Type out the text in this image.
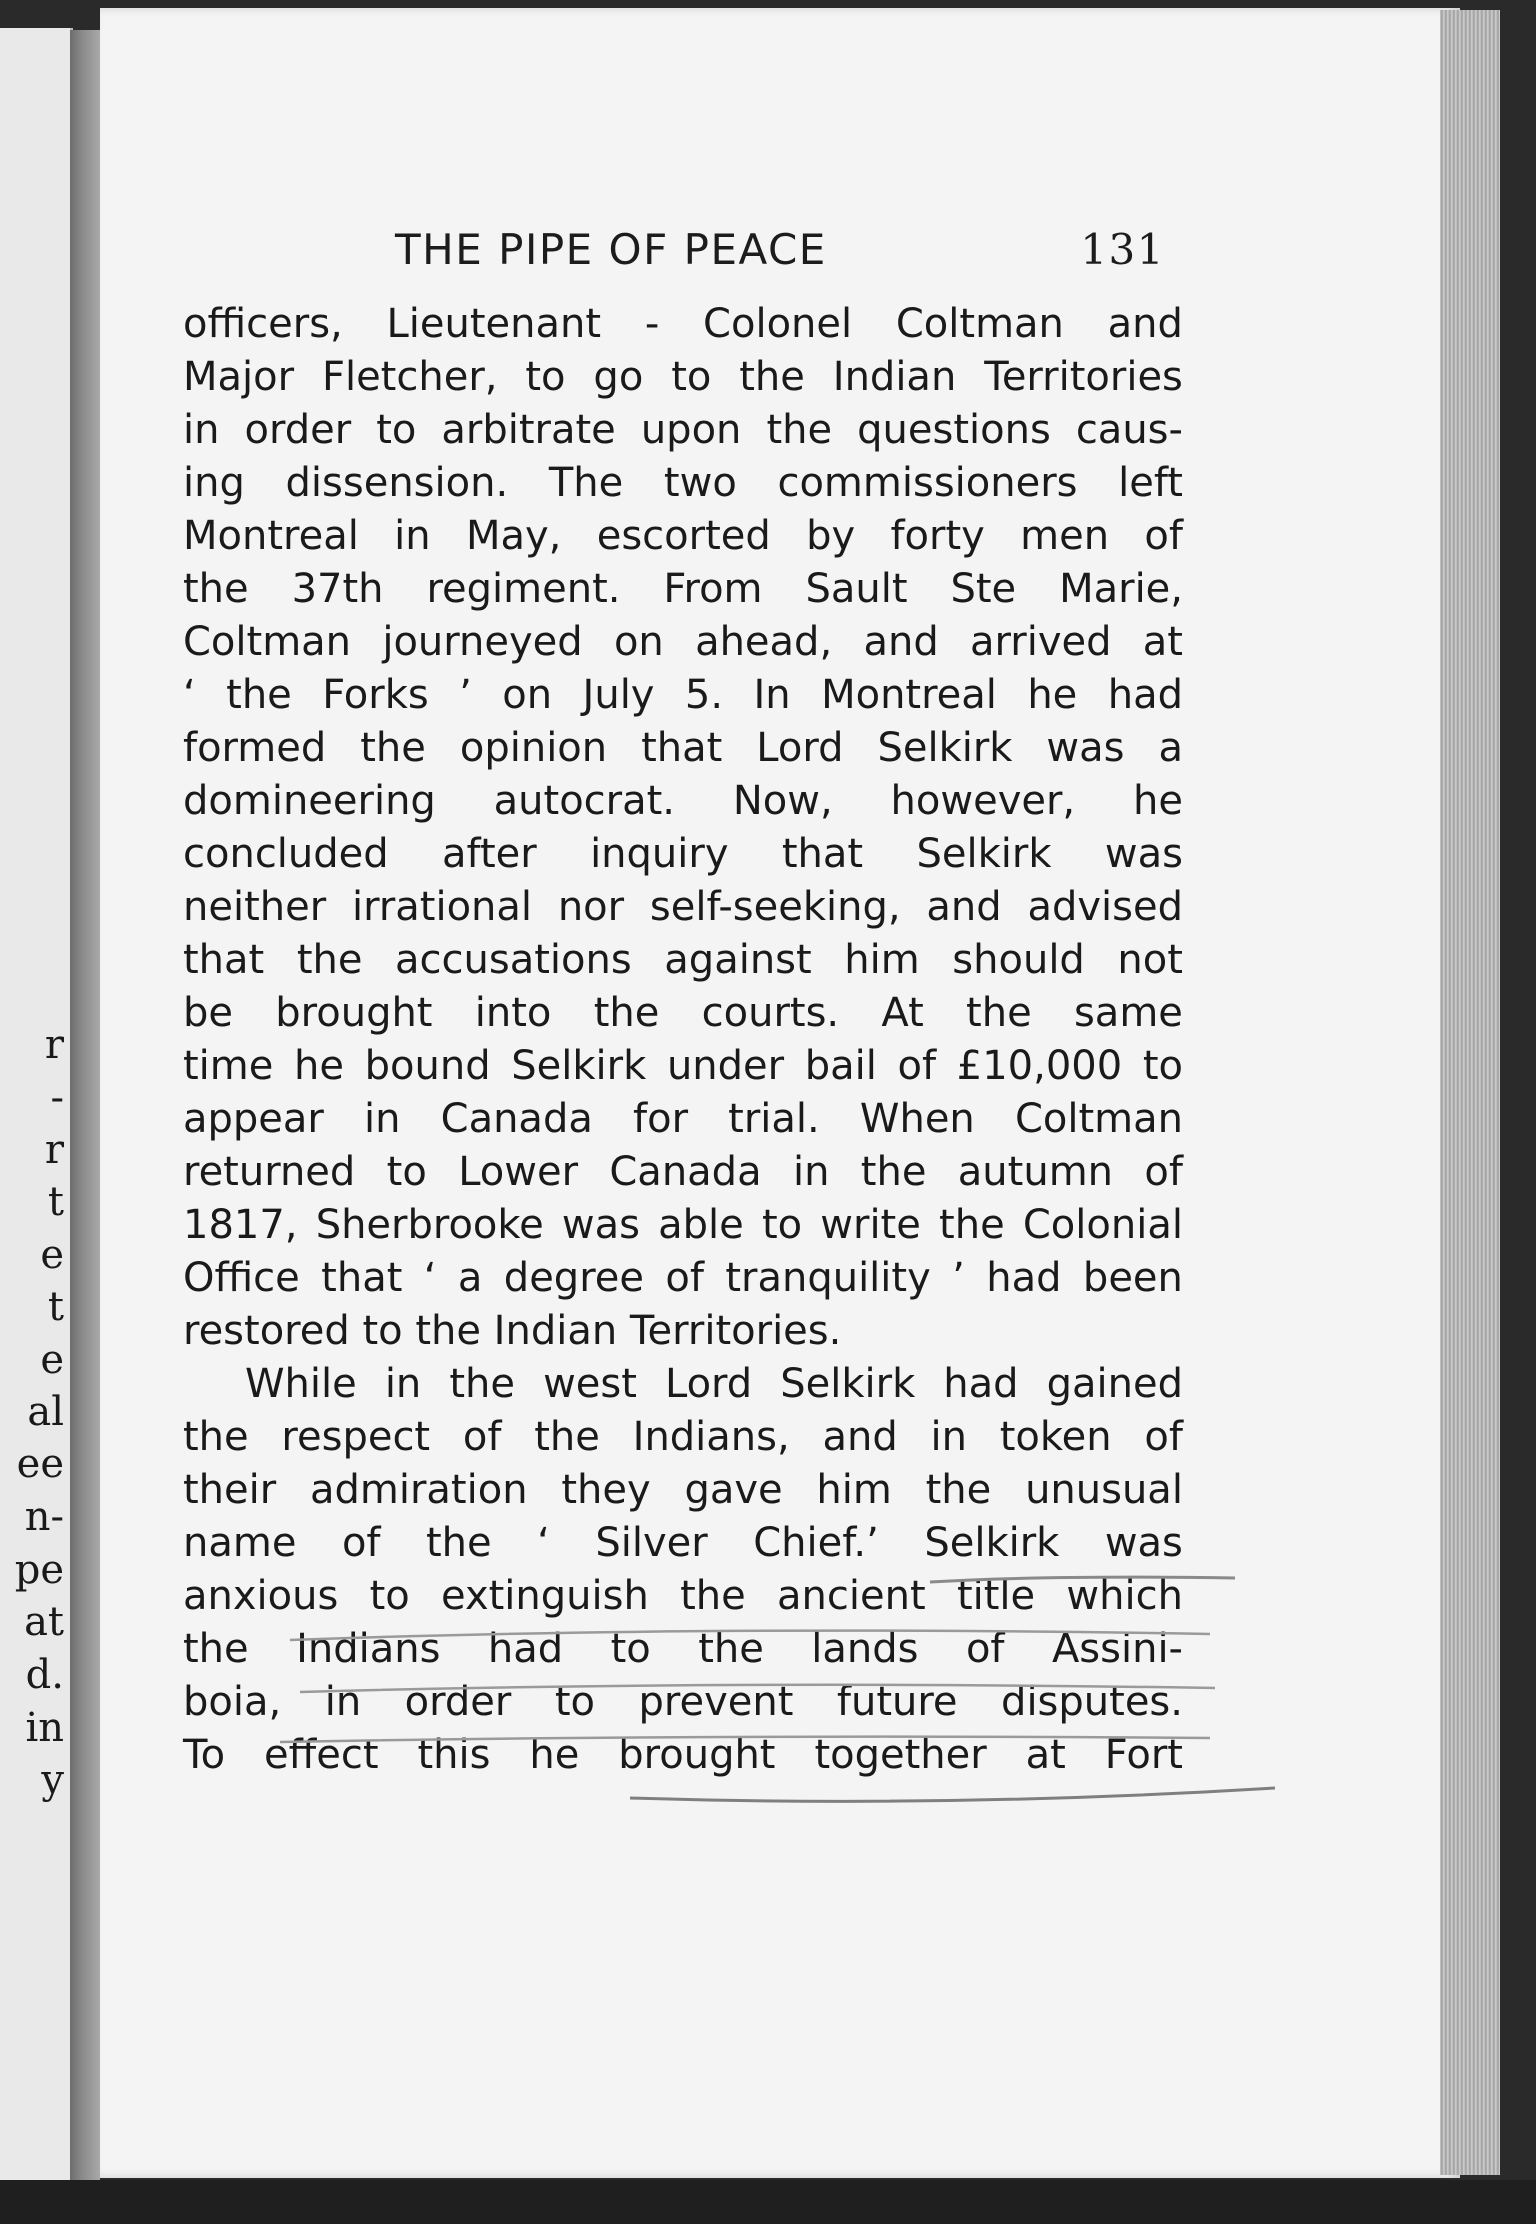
r
-
r
t
e
t
e
al
ee
n-
pe
at
d.
in
y
THE PIPE OF PEACE	131
officers, Lieutenant - Colonel Coltman and
Major Fletcher, to go to the Indian Territories
in order to arbitrate upon the questions caus-
ing dissension. The two commissioners left
Montreal in May, escorted by forty men of
the 37th regiment. From Sault Ste Marie,
Coltman journeyed on ahead, and arrived at
‘ the Forks ’ on July 5. In Montreal he had
formed the opinion that Lord Selkirk was a
domineering autocrat. Now, however, he
concluded after inquiry that Selkirk was
neither irrational nor self-seeking, and advised
that the accusations against him should not
be brought into the courts. At the same
time he bound Selkirk under bail of £10,000 to
appear in Canada for trial. When Coltman
returned to Lower Canada in the autumn of
1817, Sherbrooke was able to write the Colonial
Office that ‘ a degree of tranquility ’ had been
restored to the Indian Territories.
While in the west Lord Selkirk had gained
the respect of the Indians, and in token of
their admiration they gave him the unusual
name of the ‘ Silver Chief.’ Selkirk was
anxious to extinguish the ancient title which
the Indians had to the lands of Assini-
boia, in order to prevent future disputes.
To effect this he brought together at Fort
